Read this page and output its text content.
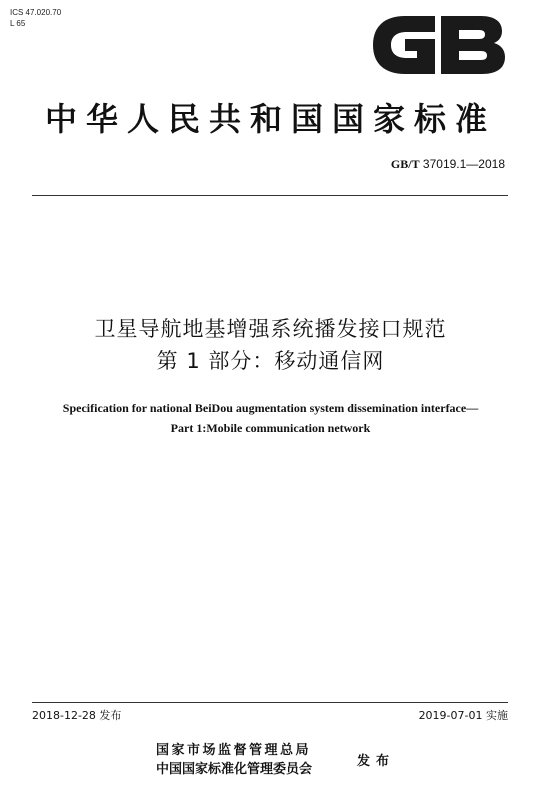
ICS 47.020.70
L 65
中华人民共和国国家标准
GB/T 37019.1—2018
卫星导航地基增强系统播发接口规范
第 1 部分：移动通信网
Specification for national BeiDou augmentation system dissemination interface—
Part 1:Mobile communication network
2018-12-28 发布	2019-07-01 实施
国家市场监督管理总局
中国国家标准化管理委员会
发布
